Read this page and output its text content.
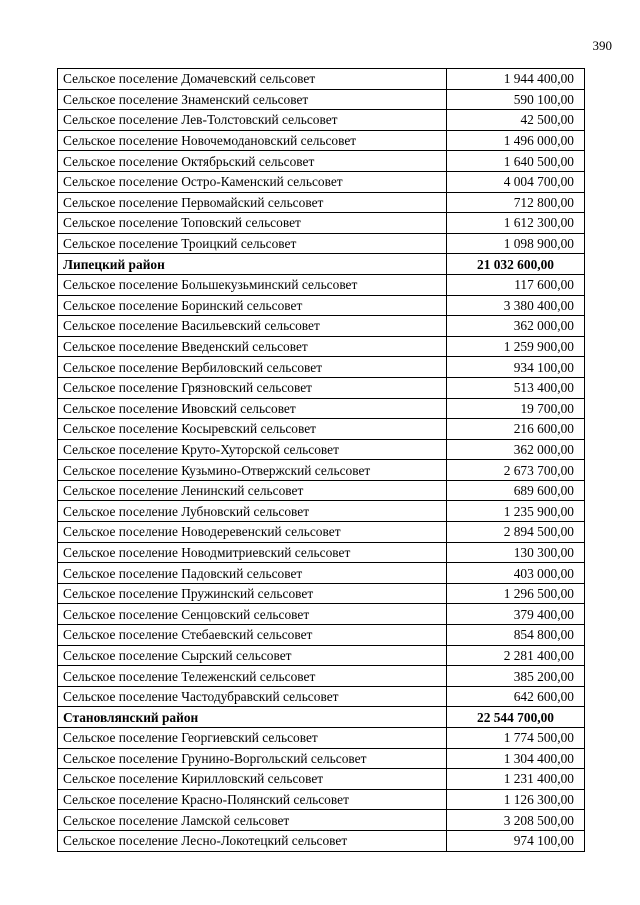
390
Сельское поселение Домачевский сельсовет	1 944 400,00
Сельское поселение Знаменский сельсовет	590 100,00
Сельское поселение Лев-Толстовский сельсовет	42 500,00
Сельское поселение Новочемодановский сельсовет	1 496 000,00
Сельское поселение Октябрьский сельсовет	1 640 500,00
Сельское поселение Остро-Каменский сельсовет	4 004 700,00
Сельское поселение Первомайский сельсовет	712 800,00
Сельское поселение Топовский сельсовет	1 612 300,00
Сельское поселение Троицкий сельсовет	1 098 900,00
Липецкий район	21 032 600,00
Сельское поселение Большекузьминский сельсовет	117 600,00
Сельское поселение Боринский сельсовет	3 380 400,00
Сельское поселение Васильевский сельсовет	362 000,00
Сельское поселение Введенский сельсовет	1 259 900,00
Сельское поселение Вербиловский сельсовет	934 100,00
Сельское поселение Грязновский сельсовет	513 400,00
Сельское поселение Ивовский сельсовет	19 700,00
Сельское поселение Косыревский сельсовет	216 600,00
Сельское поселение Круто-Хуторской сельсовет	362 000,00
Сельское поселение Кузьмино-Отвержский сельсовет	2 673 700,00
Сельское поселение Ленинский сельсовет	689 600,00
Сельское поселение Лубновский сельсовет	1 235 900,00
Сельское поселение Новодеревенский сельсовет	2 894 500,00
Сельское поселение Новодмитриевский сельсовет	130 300,00
Сельское поселение Падовский сельсовет	403 000,00
Сельское поселение Пружинский сельсовет	1 296 500,00
Сельское поселение Сенцовский сельсовет	379 400,00
Сельское поселение Стебаевский сельсовет	854 800,00
Сельское поселение Сырский сельсовет	2 281 400,00
Сельское поселение Тележенский сельсовет	385 200,00
Сельское поселение Частодубравский сельсовет	642 600,00
Становлянский район	22 544 700,00
Сельское поселение Георгиевский сельсовет	1 774 500,00
Сельское поселение Грунино-Воргольский сельсовет	1 304 400,00
Сельское поселение Кирилловский сельсовет	1 231 400,00
Сельское поселение Красно-Полянский сельсовет	1 126 300,00
Сельское поселение Ламской сельсовет	3 208 500,00
Сельское поселение Лесно-Локотецкий сельсовет	974 100,00
